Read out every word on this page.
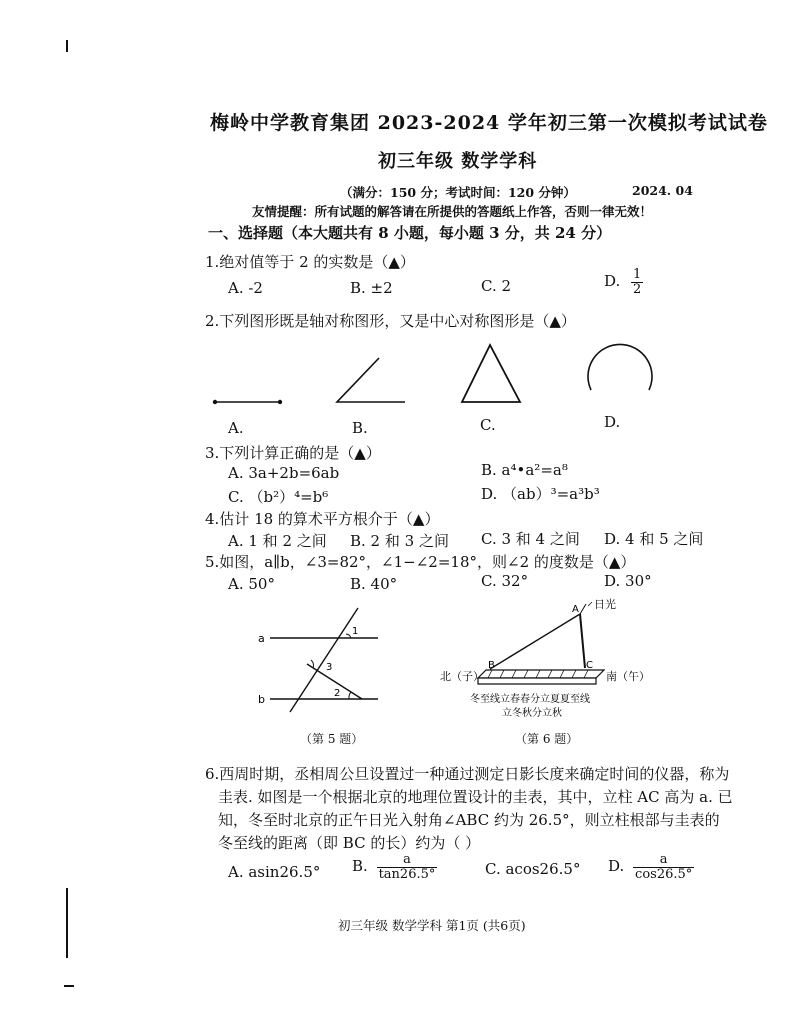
梅岭中学教育集团 2023-2024 学年初三第一次模拟考试试卷
初三年级 数学学科
（满分：150 分；考试时间：120 分钟）	2024. 04
友情提醒：所有试题的解答请在所提供的答题纸上作答，否则一律无效！
一、选择题（本大题共有 8 小题，每小题 3 分，共 24 分）
1.绝对值等于 2 的实数是（▲）
A. -2	B. ±2	C. 2	D. $\frac{1}{2}$
2.下列图形既是轴对称图形，又是中心对称图形是（▲）
A.	B.	C.	D.
3.下列计算正确的是（▲）
A. 3a+2b=6ab	B. a⁴•a²=a⁸
C. （b²）⁴=b⁶	D. （ab）³=a³b³
4.估计 18 的算术平方根介于（▲）
A. 1 和 2 之间 B. 2 和 3 之间 C. 3 和 4 之间 D. 4 和 5 之间
5.如图，a∥b，∠3=82°，∠1−∠2=18°，则∠2 的度数是（▲）
A. 50°	B. 40°	C. 32°	D. 30°
a
b
1
3
2
（第 5 题）
A
B	C
日光
北（子）	南（午）
冬至线立春春分立夏夏至线
立冬秋分立秋
（第 6 题）
6.西周时期，丞相周公旦设置过一种通过测定日影长度来确定时间的仪器，称为
圭表. 如图是一个根据北京的地理位置设计的圭表，其中，立柱 AC 高为 a. 已
知，冬至时北京的正午日光入射角∠ABC 约为 26.5°，则立柱根部与圭表的
冬至线的距离（即 BC 的长）约为（ ）
A. asin26.5° B. $\frac{a}{\tan 26.5^\circ}$	C. acos26.5° D. $\frac{a}{\cos 26.5^\circ}$
初三年级 数学学科 第1页 (共6页)
